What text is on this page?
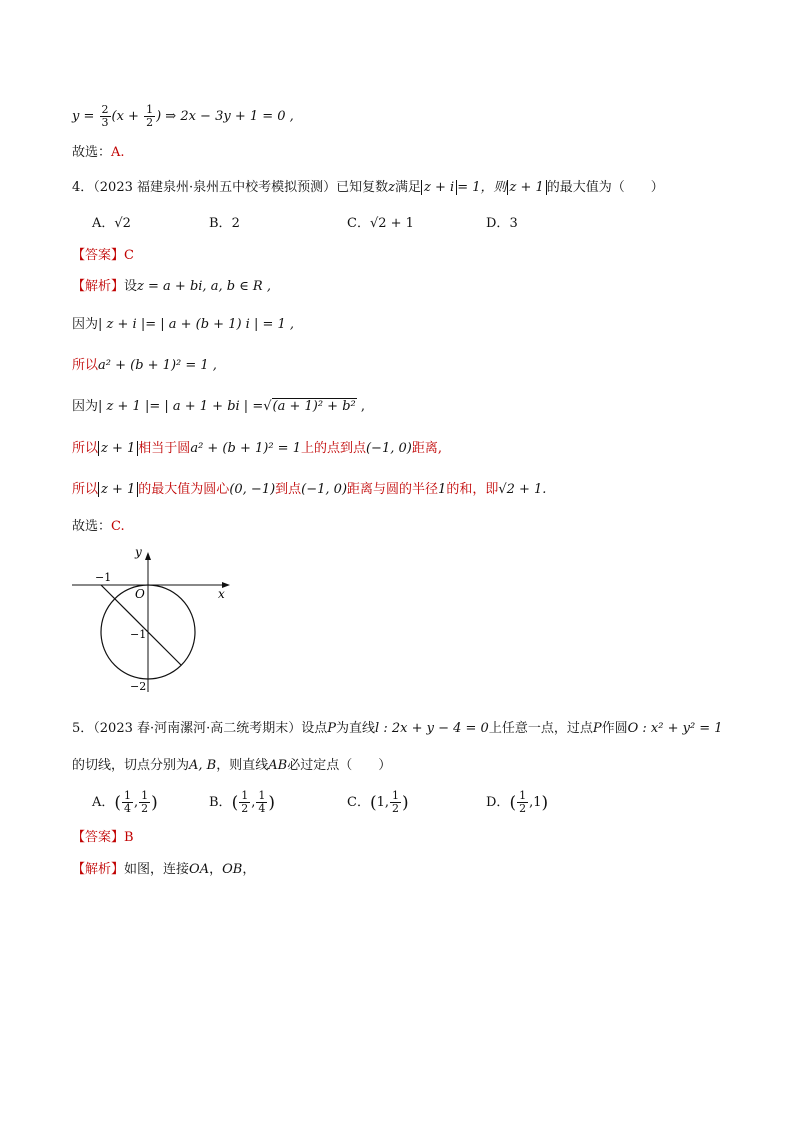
$y = \frac{2}{3} (x + \frac{1}{2}$ ) ⇒ 2x − 3y + 1 = 0 ,
故选：A.
4．（2023 福建泉州·泉州五中校考模拟预测）已知复数z满足 z + i = 1，则 z + 1 的最大值为（　　）
A．√2	B．2	C．√2 + 1	D．3
【答案】C
【解析】设z = a + bi, a, b ∈ R ,
因为| z + i |= | a + (b + 1) i | = 1 ,
所以a² + (b + 1)² = 1 ,
因为| z + 1 |= | a + 1 + bi | =√(a + 1)² + b² ,
所以 z + 1 相当于圆a² + (b + 1)² = 1上的点到点(−1, 0)距离,
所以 z + 1 的最大值为圆心(0, −1)到点(−1, 0)距离与圆的半径1的和，即√2 + 1.
故选：C.
y
x
O
−1
−1
−2
5．（2023 春·河南漯河·高二统考期末）设点P为直线l : 2x + y − 4 = 0上任意一点，过点P作圆O : x² + y² = 1
的切线，切点分别为A, B，则直线AB必过定点（　　）
A．( $\frac{1}{4}$ , $\frac{1}{2}$ )	B．( $\frac{1}{2}$ , $\frac{1}{4}$ )	C．(1, $\frac{1}{2}$ )	D．( $\frac{1}{2} ,1$)
【答案】B
【解析】如图，连接OA，OB，
